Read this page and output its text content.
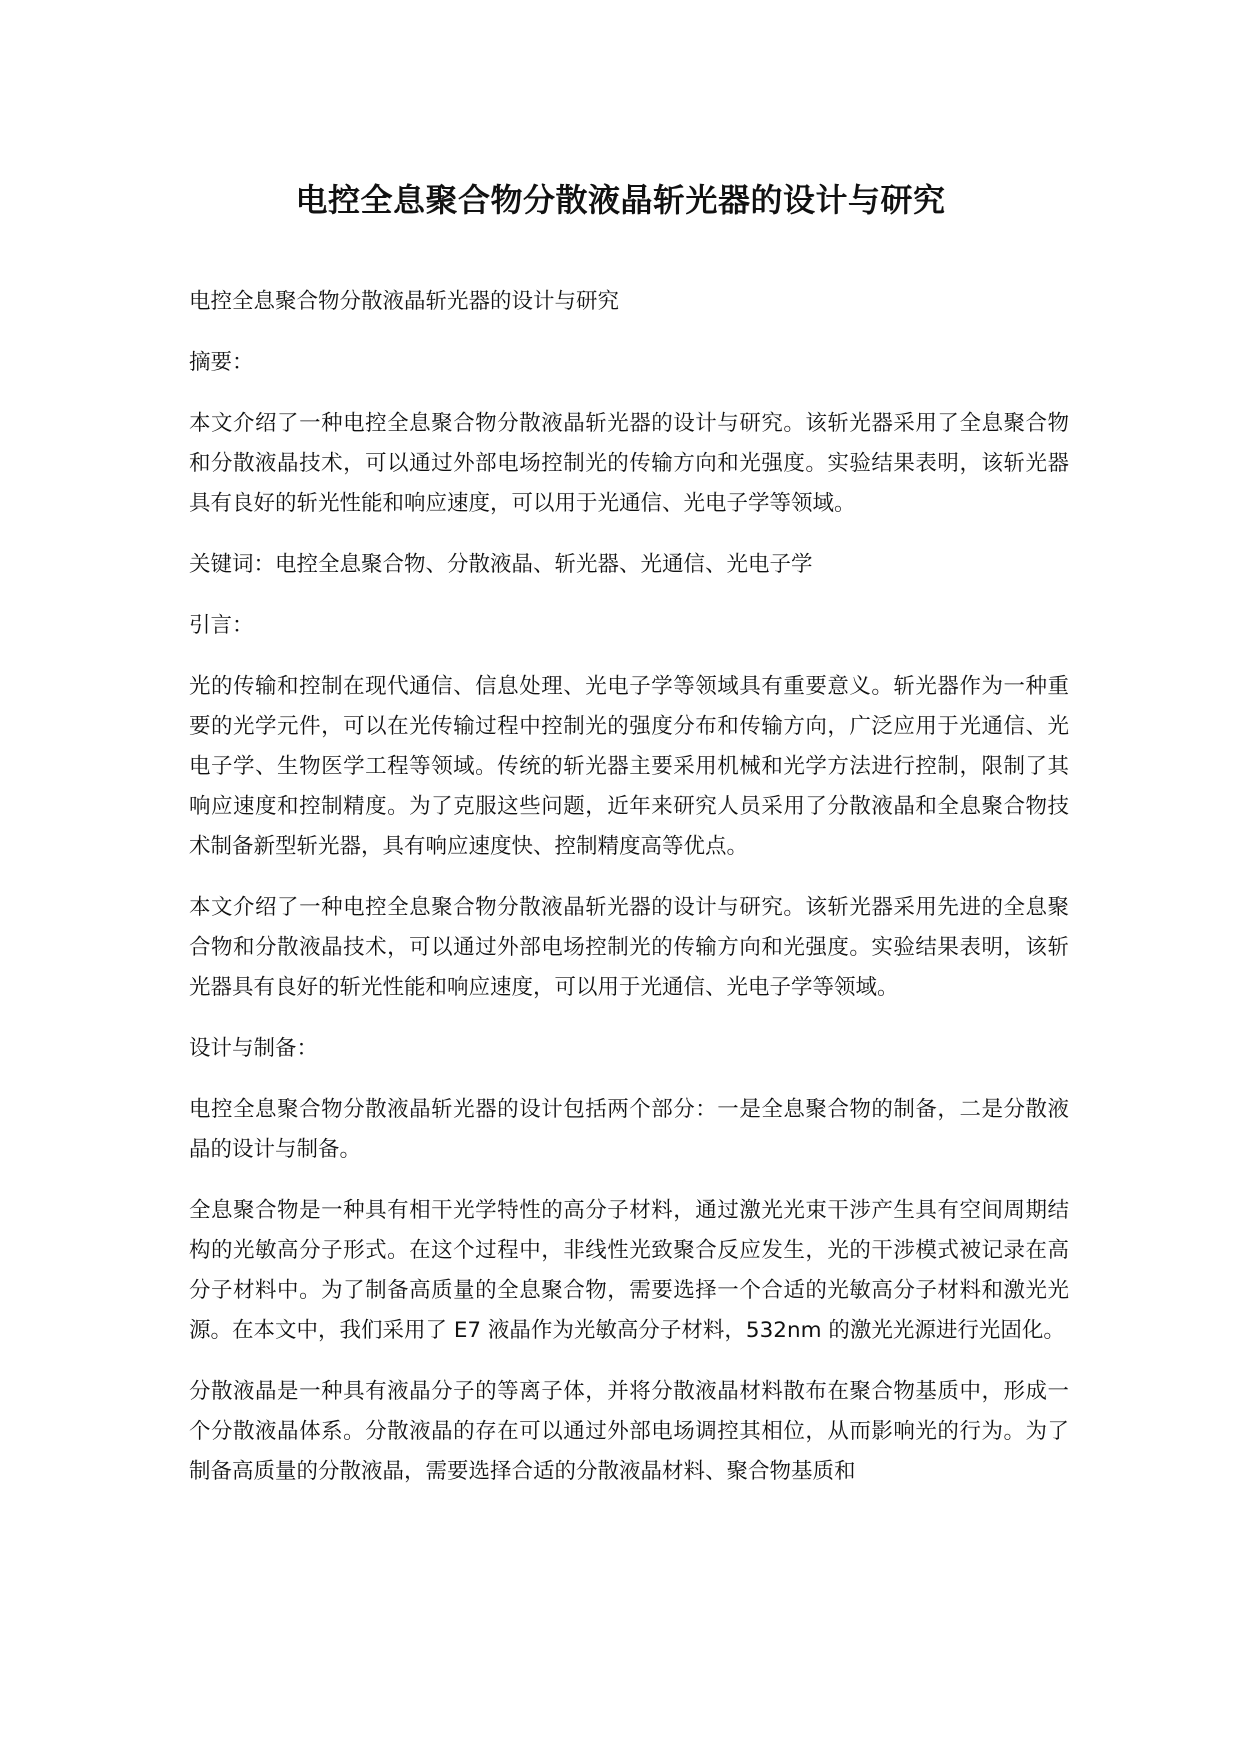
电控全息聚合物分散液晶斩光器的设计与研究

电控全息聚合物分散液晶斩光器的设计与研究

摘要：

本文介绍了一种电控全息聚合物分散液晶斩光器的设计与研究。该斩光器采用了全息聚合物和分散液晶技术，可以通过外部电场控制光的传输方向和光强度。实验结果表明，该斩光器具有良好的斩光性能和响应速度，可以用于光通信、光电子学等领域。

关键词：电控全息聚合物、分散液晶、斩光器、光通信、光电子学

引言：

光的传输和控制在现代通信、信息处理、光电子学等领域具有重要意义。斩光器作为一种重要的光学元件，可以在光传输过程中控制光的强度分布和传输方向，广泛应用于光通信、光电子学、生物医学工程等领域。传统的斩光器主要采用机械和光学方法进行控制，限制了其响应速度和控制精度。为了克服这些问题，近年来研究人员采用了分散液晶和全息聚合物技术制备新型斩光器，具有响应速度快、控制精度高等优点。

本文介绍了一种电控全息聚合物分散液晶斩光器的设计与研究。该斩光器采用先进的全息聚合物和分散液晶技术，可以通过外部电场控制光的传输方向和光强度。实验结果表明，该斩光器具有良好的斩光性能和响应速度，可以用于光通信、光电子学等领域。

设计与制备：

电控全息聚合物分散液晶斩光器的设计包括两个部分：一是全息聚合物的制备，二是分散液晶的设计与制备。

全息聚合物是一种具有相干光学特性的高分子材料，通过激光光束干涉产生具有空间周期结构的光敏高分子形式。在这个过程中，非线性光致聚合反应发生，光的干涉模式被记录在高分子材料中。为了制备高质量的全息聚合物，需要选择一个合适的光敏高分子材料和激光光源。在本文中，我们采用了 E7 液晶作为光敏高分子材料，532nm 的激光光源进行光固化。

分散液晶是一种具有液晶分子的等离子体，并将分散液晶材料散布在聚合物基质中，形成一个分散液晶体系。分散液晶的存在可以通过外部电场调控其相位，从而影响光的行为。为了制备高质量的分散液晶，需要选择合适的分散液晶材料、聚合物基质和
